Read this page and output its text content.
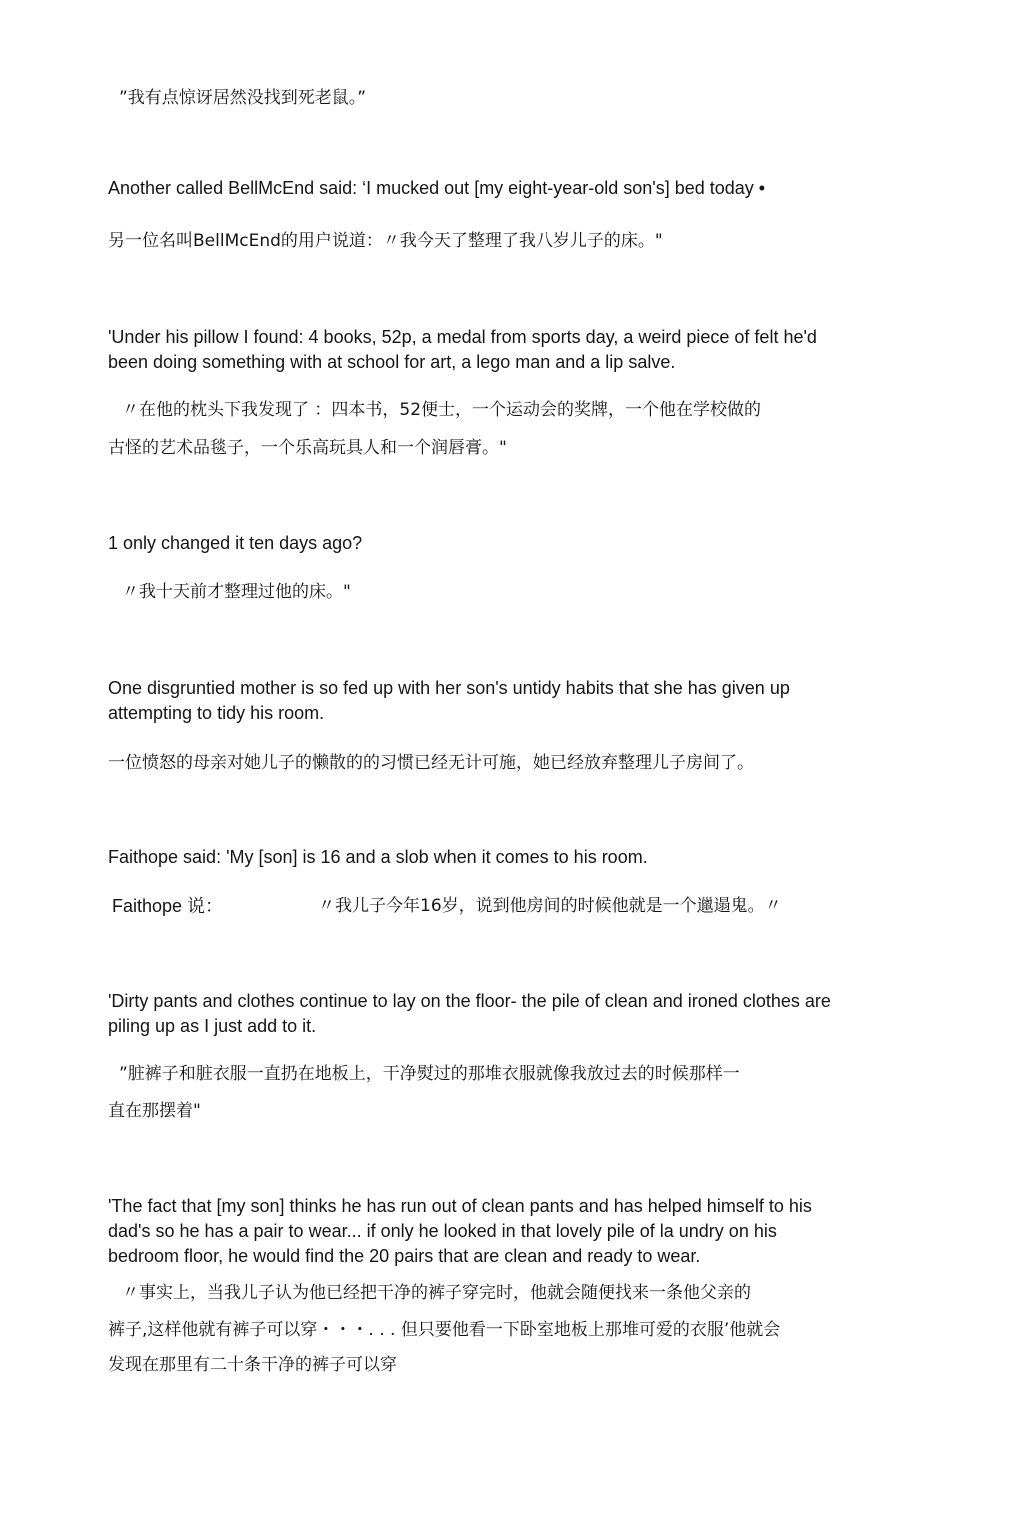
”我有点惊讶居然没找到死老鼠。”

Another called BellMcEnd said: ‘I mucked out [my eight-year-old son's] bed today •

另一位名叫BellMcEnd的用户说道：〃我今天了整理了我八岁儿子的床。"

'Under his pillow I found: 4 books, 52p, a medal from sports day, a weird piece of felt he'd

been doing something with at school for art, a lego man and a lip salve.

〃在他的枕头下我发现了 ：四本书，52便士，一个运动会的奖牌，一个他在学校做的

古怪的艺术品毯子，一个乐高玩具人和一个润唇膏。"

1 only changed it ten days ago?

〃我十天前才整理过他的床。"

One disgruntied mother is so fed up with her son's untidy habits that she has given up

attempting to tidy his room.

一位愤怒的母亲对她儿子的懒散的的习惯已经无计可施，她已经放弃整理儿子房间了。

Faithope said: 'My [son] is 16 and a slob when it comes to his room.

Faithope 说：	〃我儿子今年16岁，说到他房间的时候他就是一个邋遢鬼。〃

'Dirty pants and clothes continue to lay on the floor- the pile of clean and ironed clothes are

piling up as I just add to it.

”脏裤子和脏衣服一直扔在地板上，干净熨过的那堆衣服就像我放过去的时候那样一

直在那摆着"

'The fact that [my son] thinks he has run out of clean pants and has helped himself to his

dad's so he has a pair to wear... if only he looked in that lovely pile of la undry on his

bedroom floor, he would find the 20 pairs that are clean and ready to wear.

〃事实上，当我儿子认为他已经把干净的裤子穿完时，他就会随便找来一条他父亲的

裤子,这样他就有裤子可以穿・・・. . . 但只要他看一下卧室地板上那堆可爱的衣服’他就会

发现在那里有二十条干净的裤子可以穿
